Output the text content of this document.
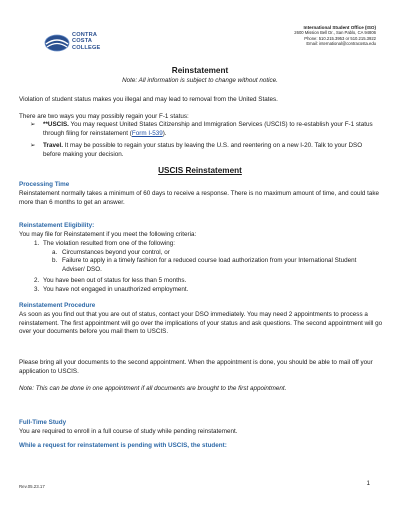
CONTRA
COSTA
COLLEGE
International Student Office (ISO)
2600 Mission Bell Dr., San Pablo, CA 94806
Phone: 510.215.3953 or 510.215.3922
Email: international@contracosta.edu
Reinstatement
Note: All information is subject to change without notice.
Violation of student status makes you illegal and may lead to removal from the United States.
There are two ways you may possibly regain your F-1 status:
➢	**USCIS. You may request United States Citizenship and Immigration Services (USCIS) to re-establish your F-1 status through filing for reinstatement (Form I-539).
➢	Travel. It may be possible to regain your status by leaving the U.S. and reentering on a new I-20. Talk to your DSO before making your decision.
USCIS Reinstatement
Processing Time
Reinstatement normally takes a minimum of 60 days to receive a response. There is no maximum amount of time, and could take more than 6 months to get an answer.
Reinstatement Eligibility:
You may file for Reinstatement if you meet the following criteria:
1. The violation resulted from one of the following:
a. Circumstances beyond your control, or
b. Failure to apply in a timely fashion for a reduced course load authorization from your International Student Adviser/ DSO.
2. You have been out of status for less than 5 months.
3. You have not engaged in unauthorized employment.
Reinstatement Procedure
As soon as you find out that you are out of status, contact your DSO immediately. You may need 2 appointments to process a reinstatement. The first appointment will go over the implications of your status and ask questions. The second appointment will go over your documents before you mail them to USCIS.
Please bring all your documents to the second appointment. When the appointment is done, you should be able to mail off your application to USCIS.
Note: This can be done in one appointment if all documents are brought to the first appointment.
Full-Time Study
You are required to enroll in a full course of study while pending reinstatement.
While a request for reinstatement is pending with USCIS, the student:
Rev.05.23.17	1
